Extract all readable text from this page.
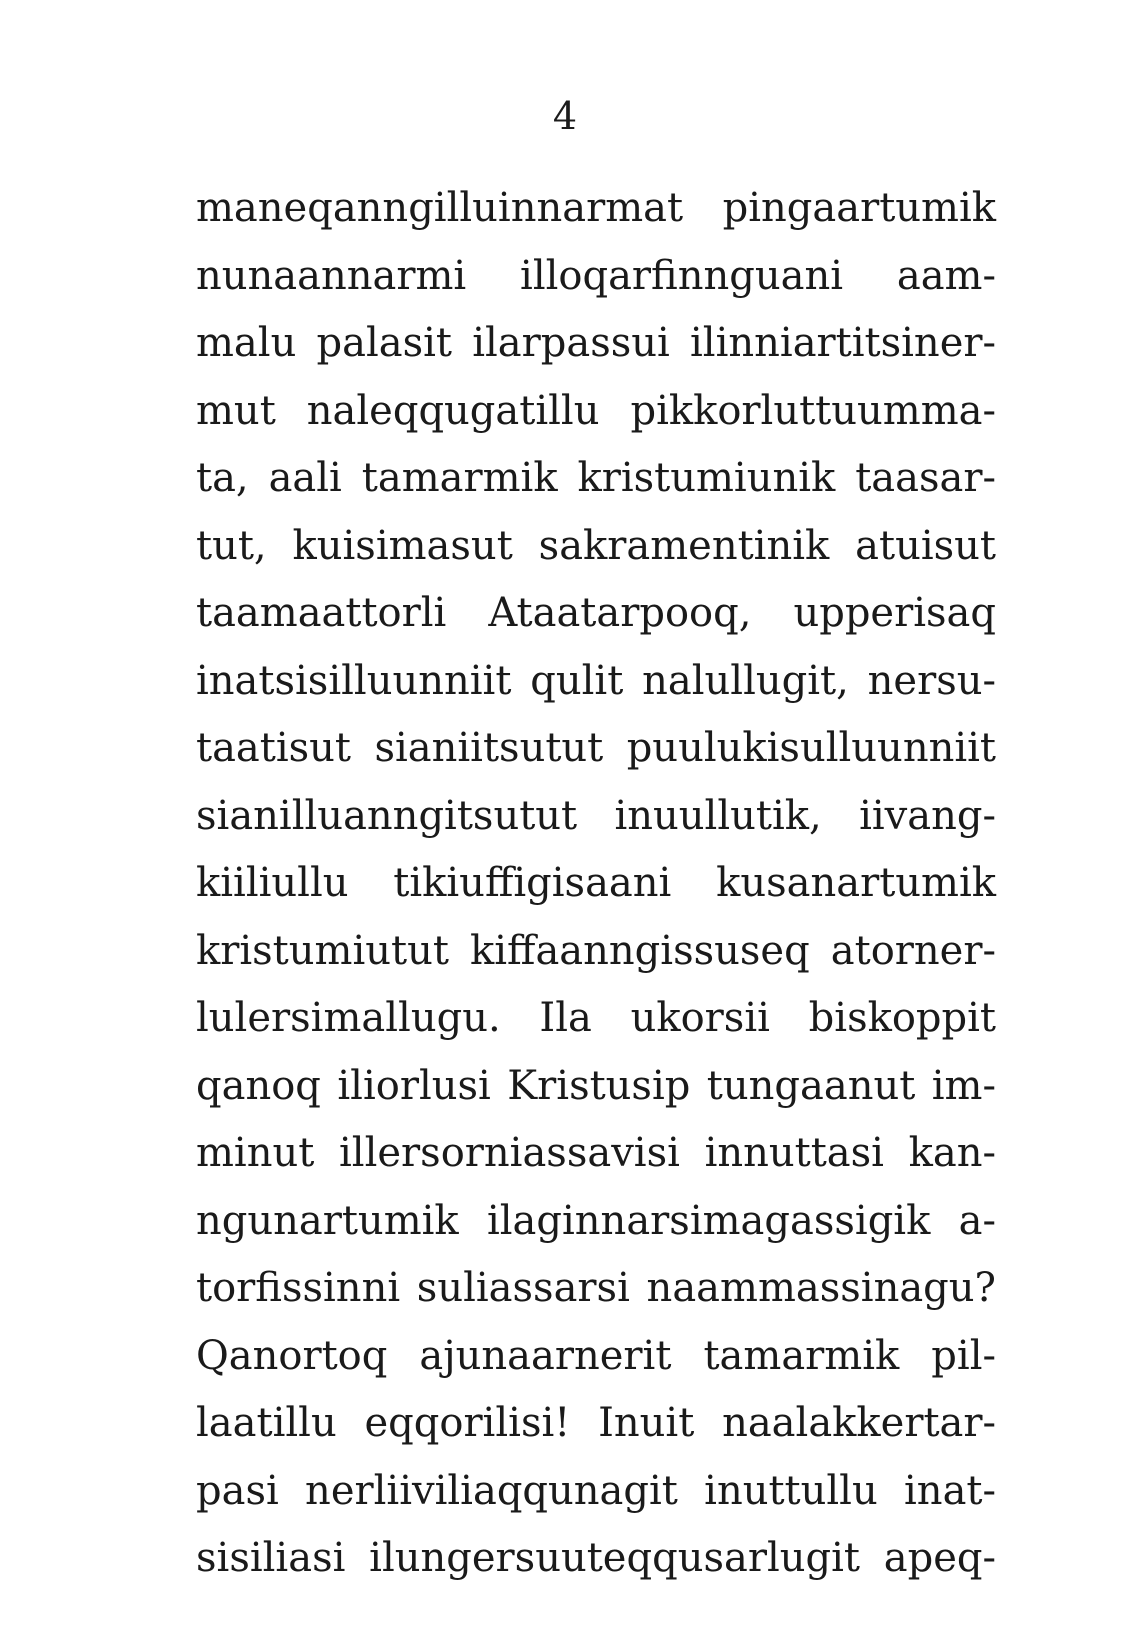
4
maneqanngilluinnarmat pingaartumik
nunaannarmi illoqarfinnguani aam-
malu palasit ilarpassui ilinniartitsiner-
mut naleqqugatillu pikkorluttuumma-
ta, aali tamarmik kristumiunik taasar-
tut, kuisimasut sakramentinik atuisut
taamaattorli Ataatarpooq, upperisaq
inatsisilluunniit qulit nalullugit, nersu-
taatisut sianiitsutut puulukisulluunniit
sianilluanngitsutut inuullutik, iivang-
kiiliullu tikiuffigisaani kusanartumik
kristumiutut kiffaanngissuseq atorner-
lulersimallugu. Ila ukorsii biskoppit
qanoq iliorlusi Kristusip tungaanut im-
minut illersorniassavisi innuttasi kan-
ngunartumik ilaginnarsimagassigik a-
torfissinni suliassarsi naammassinagu?
Qanortoq ajunaarnerit tamarmik pil-
laatillu eqqorilisi! Inuit naalakkertar-
pasi nerliiviliaqqunagit inuttullu inat-
sisiliasi ilungersuuteqqusarlugit apeq-
